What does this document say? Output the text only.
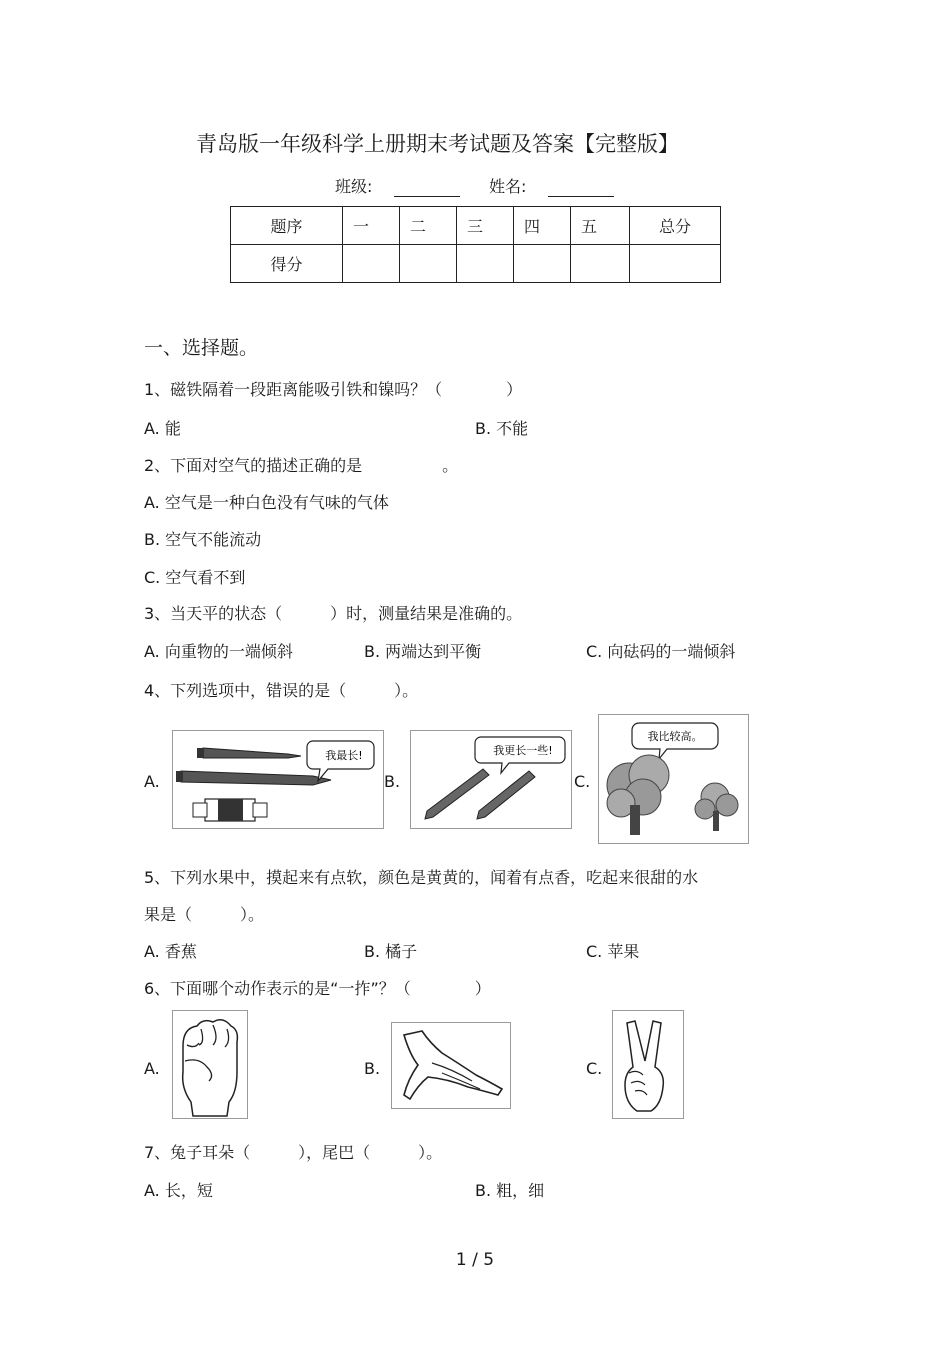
青岛版一年级科学上册期末考试题及答案【完整版】
班级:	姓名:
题序	一	二	三	四	五	总分
得分						
一、选择题。
1、磁铁隔着一段距离能吸引铁和镍吗？（　　　　）
A. 能	B. 不能
2、下面对空气的描述正确的是　　　　　。
A. 空气是一种白色没有气味的气体
B. 空气不能流动
C. 空气看不到
3、当天平的状态（　　　）时，测量结果是准确的。
A. 向重物的一端倾斜	B. 两端达到平衡	C. 向砝码的一端倾斜
4、下列选项中，错误的是（　　　）。
A.
我最长!
B.
我更长一些!
C.
我比较高。
5、下列水果中，摸起来有点软，颜色是黄黄的，闻着有点香，吃起来很甜的水
果是（　　　）。
A. 香蕉	B. 橘子	C. 苹果
6、下面哪个动作表示的是“一拃”？（　　　　）
A.	B.	C.
7、兔子耳朵（　　　），尾巴（　　　）。
A. 长，短	B. 粗，细
1 / 5
